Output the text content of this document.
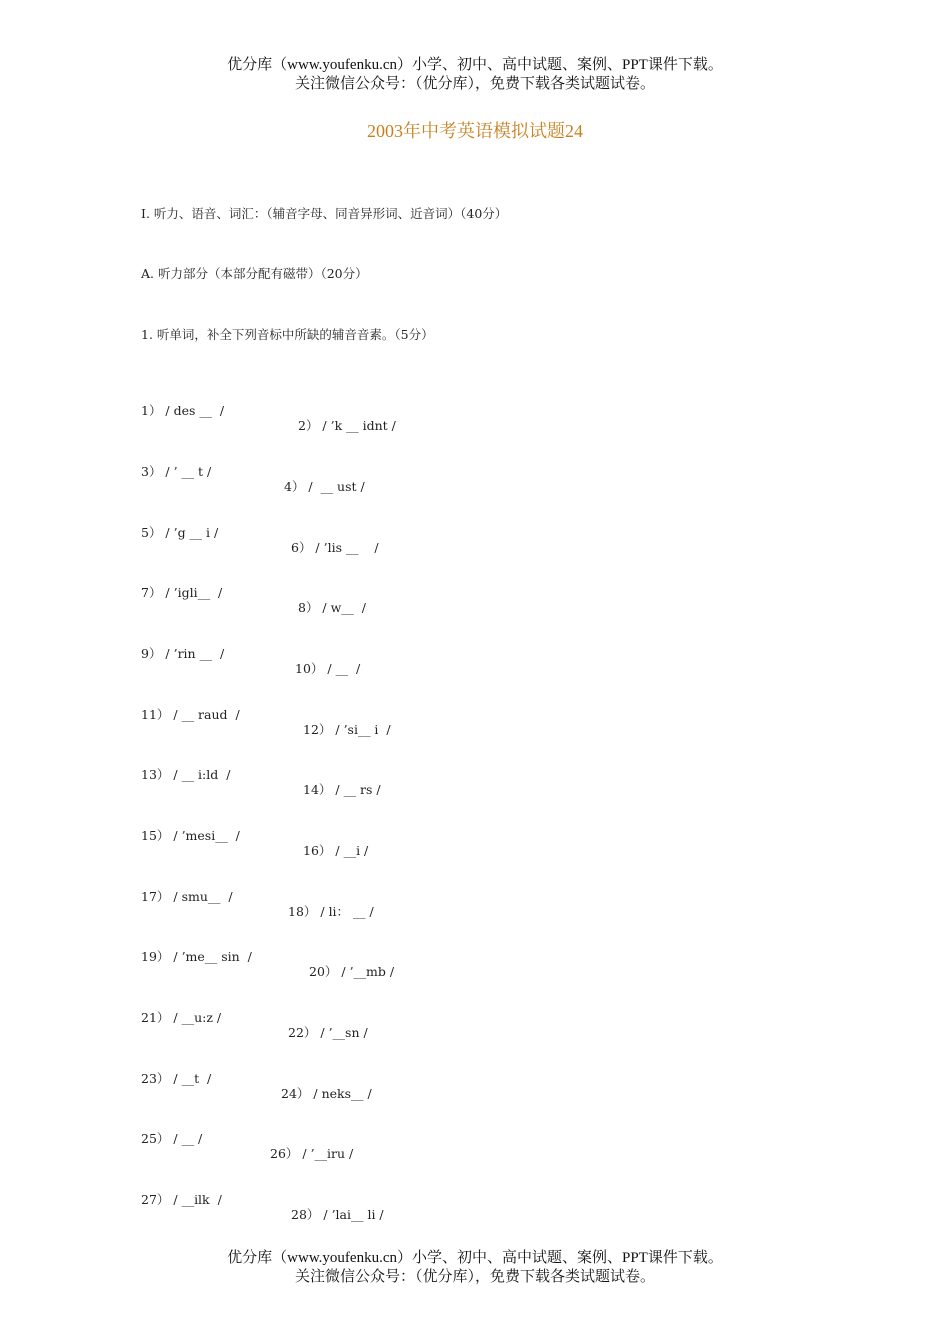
优分库（www.youfenku.cn）小学、初中、高中试题、案例、PPT课件下载。
关注微信公众号：（优分库），免费下载各类试题试卷。
2003年中考英语模拟试题24
I. 听力、语音、词汇：（辅音字母、同音异形词、近音词）（40分）
A. 听力部分（本部分配有磁带）（20分）
1. 听单词，补全下列音标中所缺的辅音音素。（5分）

1） / des __  /

2） / ’k __ idnt /

3） / ’ __ t /

4） /  __ ust /

5） / ’g __ i /

6） / ’lis __    /

7） / ’igli__  /

8） / w__  /

9） / ’rin __  /

10） / __  /

11） / __ raud  /

12） / ’si__ i  /

13） / __ i:ld  /

14） / __ rs /

15） / ’mesi__  /

16） / __i /

17） / smu__  /

18） / li： __ /

19） / ’me__ sin  /

20） / ’__mb /

21） / __u:z /

22） / ’__sn /

23） / __t  /

24） / neks__ /

25） / __ /

26） / ’__iru /

27） / __ilk  /

28） / ’lai__ li /

优分库（www.youfenku.cn）小学、初中、高中试题、案例、PPT课件下载。
关注微信公众号：（优分库），免费下载各类试题试卷。
